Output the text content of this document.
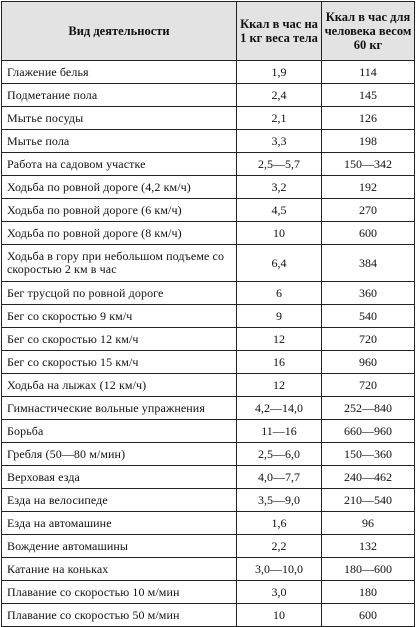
Вид деятельности	Ккал в час на 1 кг веса тела	Ккал в час для человека весом 60 кг
Глажение белья	1,9	114
Подметание пола	2,4	145
Мытье посуды	2,1	126
Мытье пола	3,3	198
Работа на садовом участке	2,5—5,7	150—342
Ходьба по ровной дороге (4,2 км/ч)	3,2	192
Ходьба по ровной дороге (6 км/ч)	4,5	270
Ходьба по ровной дороге (8 км/ч)	10	600
Ходьба в гору при небольшом подъеме со скоростью 2 км в час	6,4	384
Бег трусцой по ровной дороге	6	360
Бег со скоростью 9 км/ч	9	540
Бег со скоростью 12 км/ч	12	720
Бег со скоростью 15 км/ч	16	960
Ходьба на лыжах (12 км/ч)	12	720
Гимнастические вольные упражнения	4,2—14,0	252—840
Борьба	11—16	660—960
Гребля (50—80 м/мин)	2,5—6,0	150—360
Верховая езда	4,0—7,7	240—462
Езда на велосипеде	3,5—9,0	210—540
Езда на автомашине	1,6	96
Вождение автомашины	2,2	132
Катание на коньках	3,0—10,0	180—600
Плавание со скоростью 10 м/мин	3,0	180
Плавание со скоростью 50 м/мин	10	600
